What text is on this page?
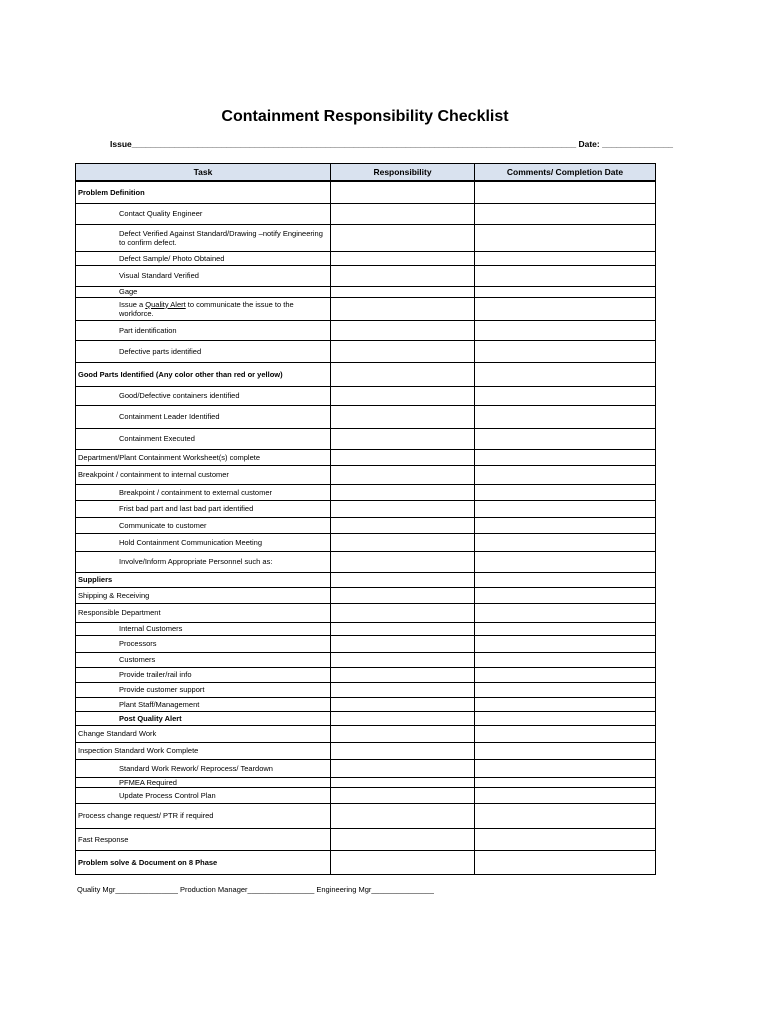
Containment Responsibility Checklist
Issue______________________________________________________________________________________________ Date: _______________
Task	Responsibility	Comments/ Completion Date
Problem Definition		
Contact Quality Engineer		
Defect Verified Against Standard/Drawing –notify Engineering to confirm defect.		
Defect Sample/ Photo Obtained		
Visual Standard Verified		
Gage		
Issue a Quality Alert to communicate the issue to the workforce.		
Part identification		
Defective parts identified		
Good Parts Identified (Any color other than red or yellow)		
Good/Defective containers identified		
Containment Leader Identified		
Containment Executed		
Department/Plant Containment Worksheet(s) complete		
Breakpoint / containment to internal customer		
Breakpoint / containment to external customer		
Frist bad part and last bad part identified		
Communicate to customer		
Hold Containment Communication Meeting		
Involve/Inform Appropriate Personnel such as:		
Suppliers		
Shipping & Receiving		
Responsible Department		
Internal Customers		
Processors		
Customers		
Provide trailer/rail info		
Provide customer support		
Plant Staff/Management		
Post Quality Alert		
Change Standard Work		
Inspection Standard Work Complete		
Standard Work Rework/ Reprocess/ Teardown		
PFMEA Required		
Update Process Control Plan		
Process change request/ PTR if required		
Fast Response		
Problem solve & Document on 8 Phase		
Quality Mgr_______________ Production Manager________________ Engineering Mgr_______________
